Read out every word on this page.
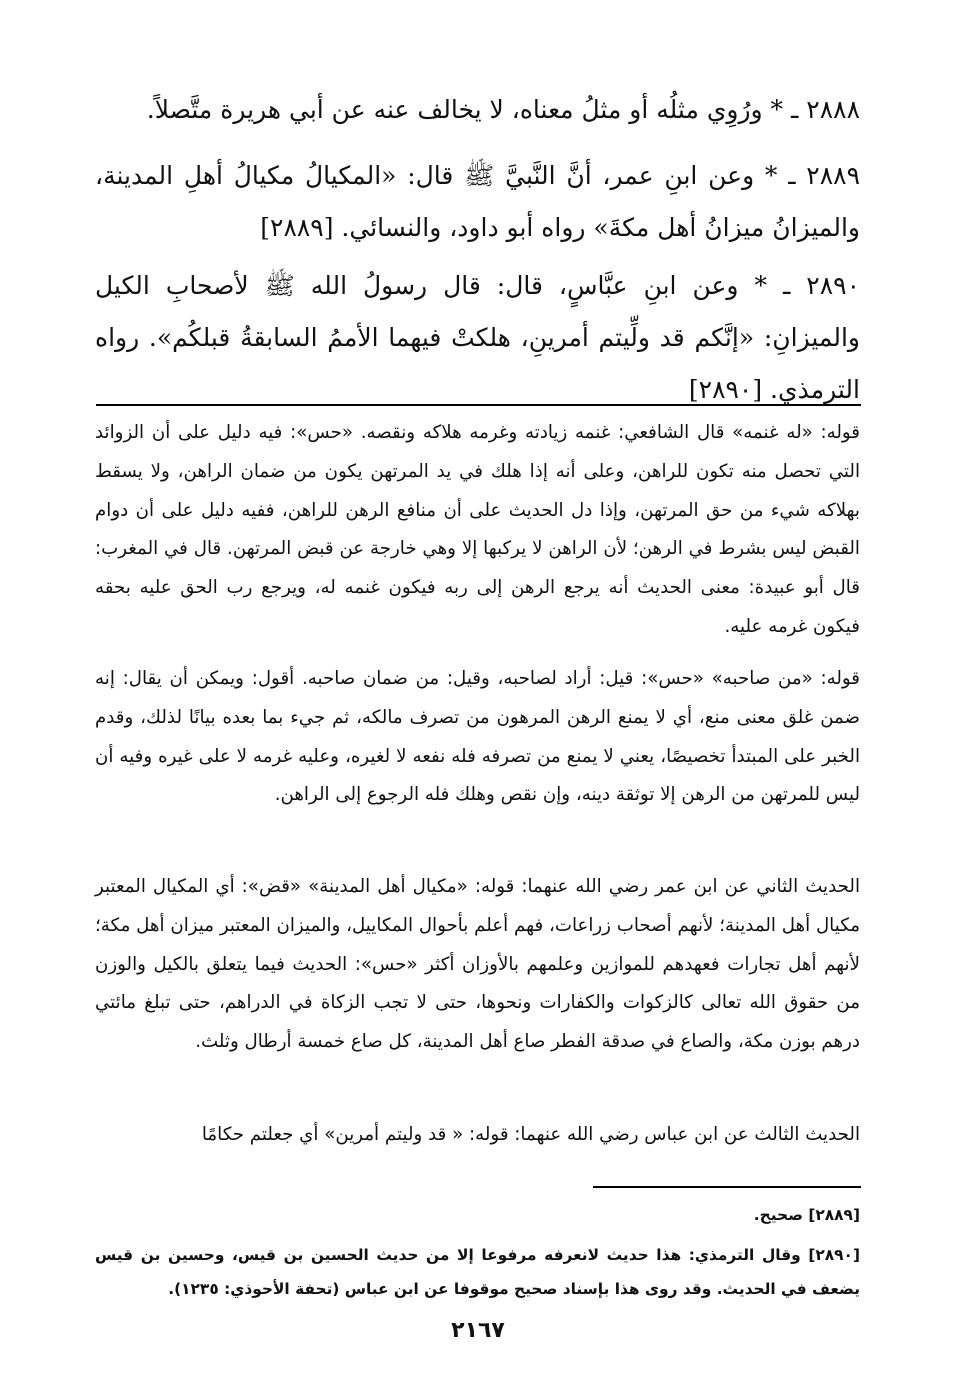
٢٨٨٨ ـ * ورُوِي مثلُه أو مثلُ معناه، لا يخالف عنه عن أبي هريرة متَّصلاً.
٢٨٨٩ ـ * وعن ابنِ عمر، أنَّ النَّبيَّ ﷺ قال: «المكيالُ مكيالُ أهلِ المدينة، والميزانُ ميزانُ أهل مكةَ» رواه أبو داود، والنسائي. [٢٨٨٩]
٢٨٩٠ ـ * وعن ابنِ عبَّاسٍ، قال: قال رسولُ الله ﷺ لأصحابِ الكيل والميزانِ: «إنَّكم قد ولِّيتم أمرينِ، هلكتْ فيهما الأممُ السابقةُ قبلكُم». رواه الترمذي. [٢٨٩٠]
قوله: «له غنمه» قال الشافعي: غنمه زيادته وغرمه هلاكه ونقصه. «حس»: فيه دليل على أن الزوائد التي تحصل منه تكون للراهن، وعلى أنه إذا هلك في يد المرتهن يكون من ضمان الراهن، ولا يسقط بهلاكه شيء من حق المرتهن، وإذا دل الحديث على أن منافع الرهن للراهن، ففيه دليل على أن دوام القبض ليس بشرط في الرهن؛ لأن الراهن لا يركبها إلا وهي خارجة عن قبض المرتهن. قال في المغرب: قال أبو عبيدة: معنى الحديث أنه يرجع الرهن إلى ربه فيكون غنمه له، ويرجع رب الحق عليه بحقه فيكون غرمه عليه.
قوله: «من صاحبه» «حس»: قيل: أراد لصاحبه، وقيل: من ضمان صاحبه. أقول: ويمكن أن يقال: إنه ضمن غلق معنى منع، أي لا يمنع الرهن المرهون من تصرف مالكه، ثم جيء بما بعده بيانًا لذلك، وقدم الخبر على المبتدأ تخصيصًا، يعني لا يمنع من تصرفه فله نفعه لا لغيره، وعليه غرمه لا على غيره وفيه أن ليس للمرتهن من الرهن إلا توثقة دينه، وإن نقص وهلك فله الرجوع إلى الراهن.
الحديث الثاني عن ابن عمر رضي الله عنهما: قوله: «مكيال أهل المدينة» «قض»: أي المكيال المعتبر مكيال أهل المدينة؛ لأنهم أصحاب زراعات، فهم أعلم بأحوال المكاييل، والميزان المعتبر ميزان أهل مكة؛ لأنهم أهل تجارات فعهدهم للموازين وعلمهم بالأوزان أكثر «حس»: الحديث فيما يتعلق بالكيل والوزن من حقوق الله تعالى كالزكوات والكفارات ونحوها، حتى لا تجب الزكاة في الدراهم، حتى تبلغ مائتي درهم بوزن مكة، والصاع في صدقة الفطر صاع أهل المدينة، كل صاع خمسة أرطال وثلث.
الحديث الثالث عن ابن عباس رضي الله عنهما: قوله: « قد وليتم أمرين» أي جعلتم حكامًا
[٢٨٨٩] صحيح.
[٢٨٩٠] وقال الترمذي: هذا حديث لانعرفه مرفوعا إلا من حديث الحسين بن قيس، وحسين بن قيس يضعف في الحديث. وقد روى هذا بإسناد صحيح موقوفا عن ابن عباس (تحفة الأحوذي: ١٢٣٥).
٢١٦٧
